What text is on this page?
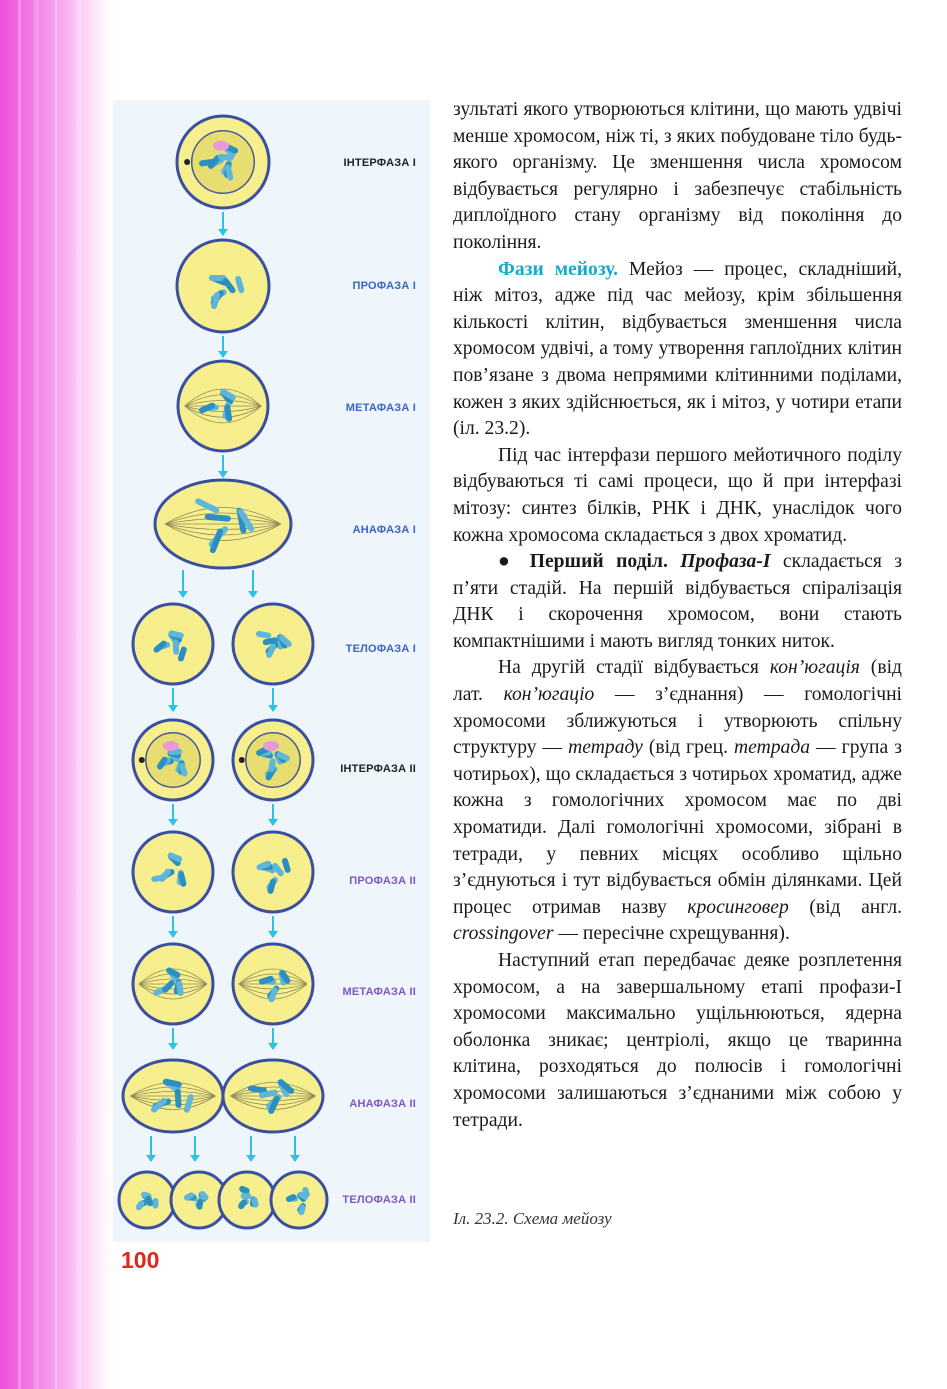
ІНТЕРФАЗА І
ПРОФАЗА І
МЕТАФАЗА І
АНАФАЗА І
ТЕЛОФАЗА І
ІНТЕРФАЗА ІІ
ПРОФАЗА ІІ
МЕТАФАЗА ІІ
АНАФАЗА ІІ
ТЕЛОФАЗА ІІ

зультаті якого утворюються клітини, що мають удвічі менше хромосом, ніж ті, з яких побудоване тіло будь-якого організму. Це зменшення числа хромосом відбувається регулярно і забезпечує стабільність диплоїдного стану організму від покоління до покоління.

Фази мейозу. Мейоз — процес, складніший, ніж мітоз, адже під час мейозу, крім збільшення кількості клітин, відбувається зменшення числа хромосом удвічі, а тому утворення гаплоїдних клітин пов’язане з двома непрямими клітинними поділами, кожен з яких здійснюється, як і мітоз, у чотири етапи (іл. 23.2).

Під час інтерфази першого мейотичного поділу відбуваються ті самі процеси, що й при інтерфазі мітозу: синтез білків, РНК і ДНК, унаслідок чого кожна хромосома складається з двох хроматид.

● Перший поділ. Профаза-І складається з п’яти стадій. На першій відбувається спіралізація ДНК і скорочення хромосом, вони стають компактнішими і мають вигляд тонких ниток.

На другій стадії відбувається кон’югація (від лат. кон’югаціо — з’єднання) — гомологічні хромосоми зближуються і утворюють спільну структуру — тетраду (від грец. тетрада — група з чотирьох), що складається з чотирьох хроматид, адже кожна з гомологічних хромосом має по дві хроматиди. Далі гомологічні хромосоми, зібрані в тетради, у певних місцях особливо щільно з’єднуються і тут відбувається обмін ділянками. Цей процес отримав назву кросинговер (від англ. crossingover — пересічне схрещування).

Наступний етап передбачає деяке розплетення хромосом, а на завершальному етапі профази-І хромосоми максимально ущільнюються, ядерна оболонка зникає; центріолі, якщо це тваринна клітина, розходяться до полюсів і гомологічні хромосоми залишаються з’єднаними між собою у тетради.

Іл. 23.2. Схема мейозу
100
